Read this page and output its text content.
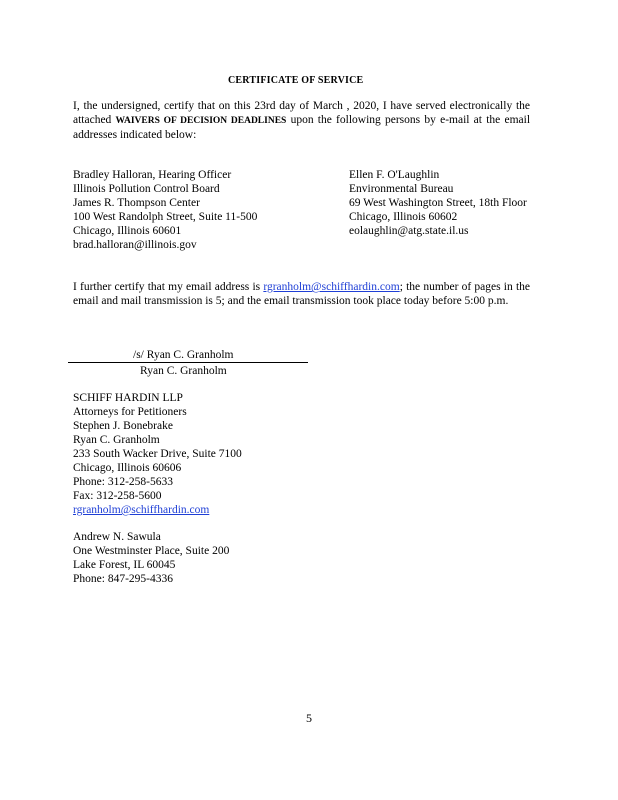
CERTIFICATE OF SERVICE
I, the undersigned, certify that on this 23rd day of March , 2020, I have served electronically the attached WAIVERS OF DECISION DEADLINES upon the following persons by e-mail at the email addresses indicated below:
Bradley Halloran, Hearing Officer
Illinois Pollution Control Board
James R. Thompson Center
100 West Randolph Street, Suite 11-500
Chicago, Illinois 60601
brad.halloran@illinois.gov
Ellen F. O'Laughlin
Environmental Bureau
69 West Washington Street, 18th Floor
Chicago, Illinois 60602
eolaughlin@atg.state.il.us
I further certify that my email address is rgranholm@schiffhardin.com; the number of pages in the email and mail transmission is 5; and the email transmission took place today before 5:00 p.m.
/s/ Ryan C. Granholm
Ryan C. Granholm
SCHIFF HARDIN LLP
Attorneys for Petitioners
Stephen J. Bonebrake
Ryan C. Granholm
233 South Wacker Drive, Suite 7100
Chicago, Illinois 60606
Phone: 312-258-5633
Fax: 312-258-5600
rgranholm@schiffhardin.com
Andrew N. Sawula
One Westminster Place, Suite 200
Lake Forest, IL 60045
Phone: 847-295-4336
5
